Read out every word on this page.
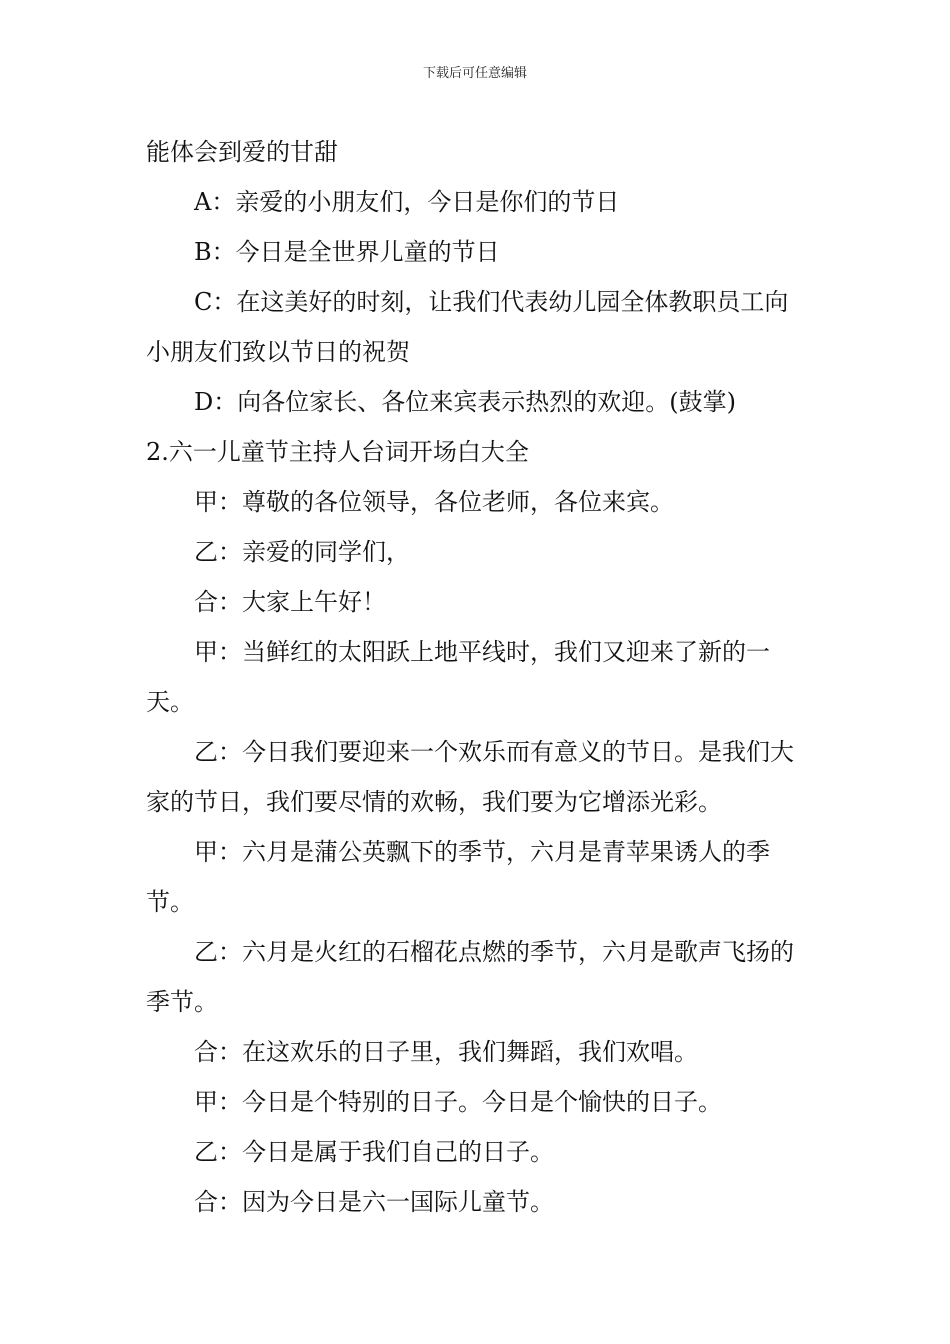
下载后可任意编辑

能体会到爱的甘甜

A：亲爱的小朋友们，今日是你们的节日

B：今日是全世界儿童的节日

C：在这美好的时刻，让我们代表幼儿园全体教职员工向小朋友们致以节日的祝贺

D：向各位家长、各位来宾表示热烈的欢迎。(鼓掌)

2.六一儿童节主持人台词开场白大全

甲：尊敬的各位领导，各位老师，各位来宾。

乙：亲爱的同学们，

合：大家上午好！

甲：当鲜红的太阳跃上地平线时，我们又迎来了新的一天。

乙：今日我们要迎来一个欢乐而有意义的节日。是我们大家的节日，我们要尽情的欢畅，我们要为它增添光彩。

甲：六月是蒲公英飘下的季节，六月是青苹果诱人的季节。

乙：六月是火红的石榴花点燃的季节，六月是歌声飞扬的季节。

合：在这欢乐的日子里，我们舞蹈，我们欢唱。

甲：今日是个特别的日子。今日是个愉快的日子。

乙：今日是属于我们自己的日子。

合：因为今日是六一国际儿童节。
